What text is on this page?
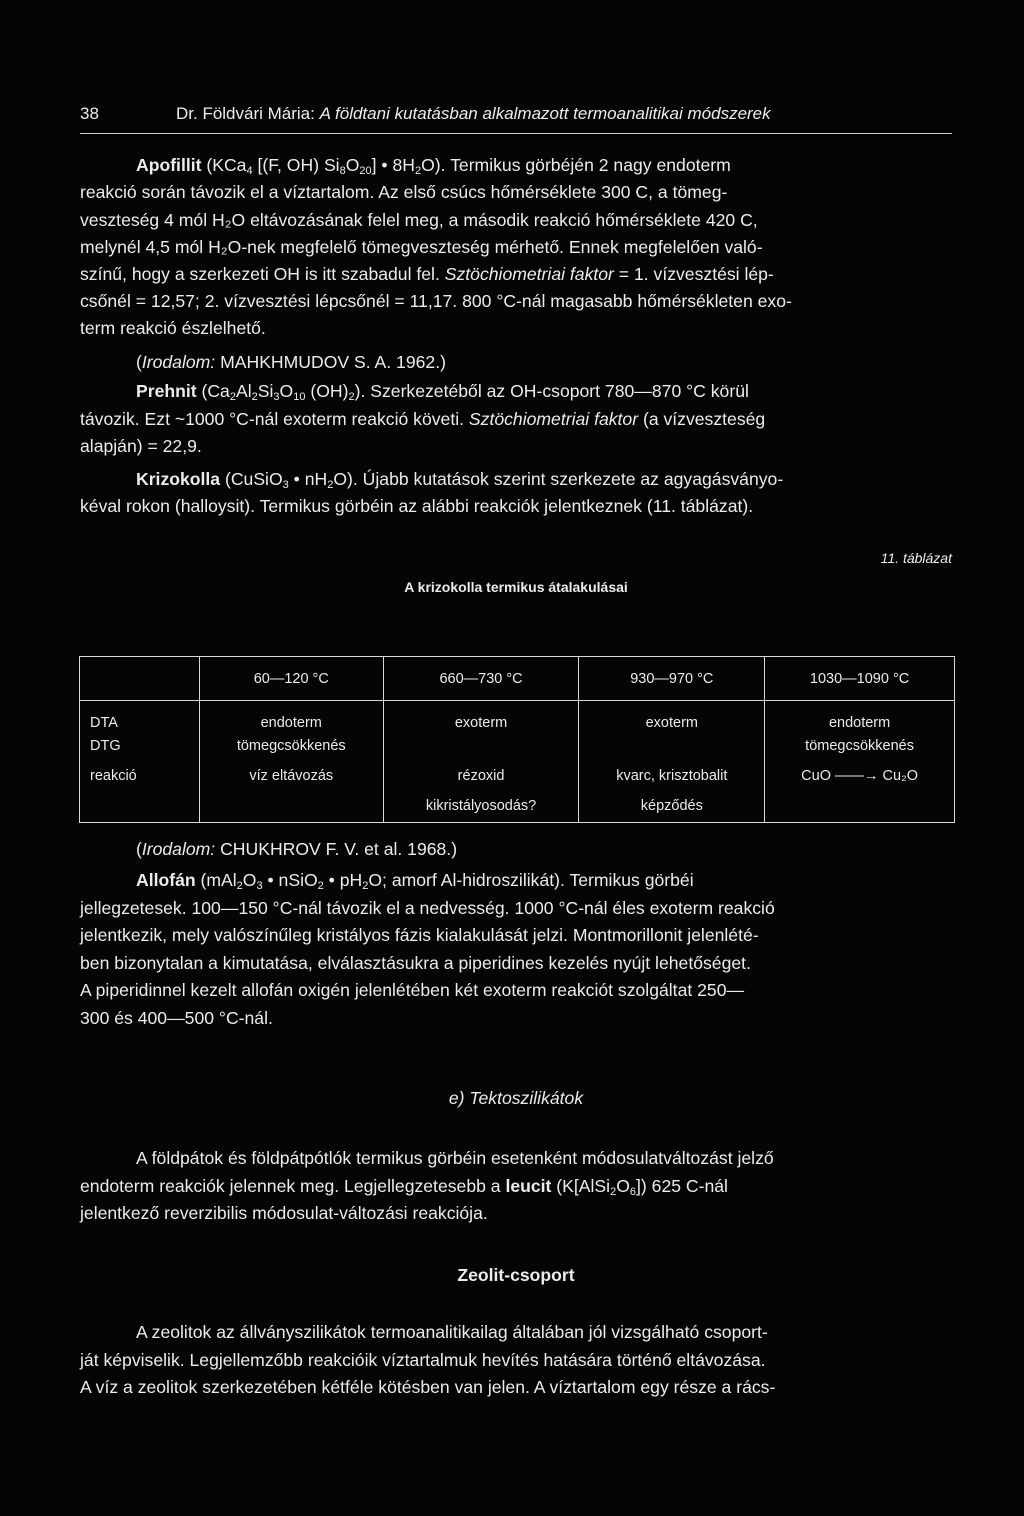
38	Dr. Földvári Mária: A földtani kutatásban alkalmazott termoanalitikai módszerek
Apofillit (KCa$_4$ [(F, OH) $Si_8O_{20}$] • $8H_2O$). Termikus görbéjén 2 nagy endoterm
reakció során távozik el a víztartalom. Az első csúcs hőmérséklete 300 C, a tömeg-
veszteség 4 mól H₂O eltávozásának felel meg, a második reakció hőmérséklete 420 C,
melynél 4,5 mól H₂O-nek megfelelő tömegveszteség mérhető. Ennek megfelelően való-
színű, hogy a szerkezeti OH is itt szabadul fel. Sztöchiometriai faktor = 1. vízvesztési lép-
csőnél = 12,57; 2. vízvesztési lépcsőnél = 11,17. 800 °C-nál magasabb hőmérsékleten exo-
term reakció észlelhető.
(Irodalom: MAHKHMUDOV S. A. 1962.)
Prehnit ($Ca_2Al_2Si_3O_{10}$ $(OH)_2$). Szerkezetéből az OH-csoport 780—870 °C körül
távozik. Ezt ~1000 °C-nál exoterm reakció követi. Sztöchiometriai faktor (a vízveszteség
alapján) = 22,9.
Krizokolla (CuSiO$_3$ • $nH_2O$). Újabb kutatások szerint szerkezete az agyagásványo-
kéval rokon (halloysit). Termikus görbéin az alábbi reakciók jelentkeznek (11. táblázat).
11. táblázat
A krizokolla termikus átalakulásai
	60—120 °C	660—730 °C	930—970 °C	1030—1090 °C
DTA	endoterm	exoterm	exoterm	endoterm
DTG	tömegcsökkenés			tömegcsökkenés
reakció	víz eltávozás	rézoxid	kvarc, krisztobalit	CuO ——→ Cu₂O
		kikristályosodás?	képződés	
(Irodalom: CHUKHROV F. V. et al. 1968.)
Allofán ($mAl_2O_3$ • nSiO$_2$ • $pH_2O$; amorf Al-hidroszilikát). Termikus görbéi
jellegzetesek. 100—150 °C-nál távozik el a nedvesség. 1000 °C-nál éles exoterm reakció
jelentkezik, mely valószínűleg kristályos fázis kialakulását jelzi. Montmorillonit jelenlété-
ben bizonytalan a kimutatása, elválasztásukra a piperidines kezelés nyújt lehetőséget.
A piperidinnel kezelt allofán oxigén jelenlétében két exoterm reakciót szolgáltat 250—
300 és 400—500 °C-nál.
e) Tektoszilikátok
A földpátok és földpátpótlók termikus görbéin esetenként módosulatváltozást jelző
endoterm reakciók jelennek meg. Legjellegzetesebb a leucit $(K[AlSi_2O_6])$ 625 C-nál
jelentkező reverzibilis módosulat-változási reakciója.
Zeolit-csoport
A zeolitok az állványszilikátok termoanalitikailag általában jól vizsgálható csoport-
ját képviselik. Legjellemzőbb reakcióik víztartalmuk hevítés hatására történő eltávozása.
A víz a zeolitok szerkezetében kétféle kötésben van jelen. A víztartalom egy része a rács-
